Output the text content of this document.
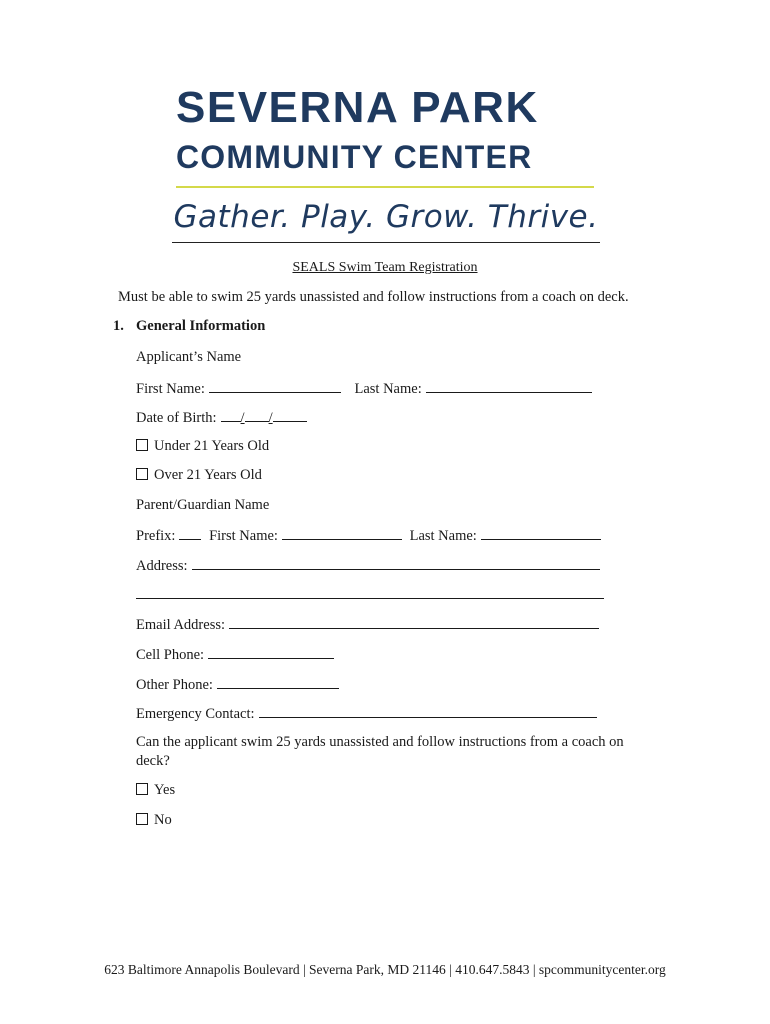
SEVERNA PARK
COMMUNITY CENTER
Gather. Play. Grow. Thrive.
SEALS Swim Team Registration
Must be able to swim 25 yards unassisted and follow instructions from a coach on deck.
1. General Information
Applicant’s Name
First Name:	Last Name:
Date of Birth: / /
Under 21 Years Old
Over 21 Years Old
Parent/Guardian Name
Prefix: First Name:	Last Name:
Address:
Email Address:
Cell Phone:
Other Phone:
Emergency Contact:
Can the applicant swim 25 yards unassisted and follow instructions from a coach on
deck?
Yes
No
623 Baltimore Annapolis Boulevard | Severna Park, MD 21146 | 410.647.5843 | spcommunitycenter.org
